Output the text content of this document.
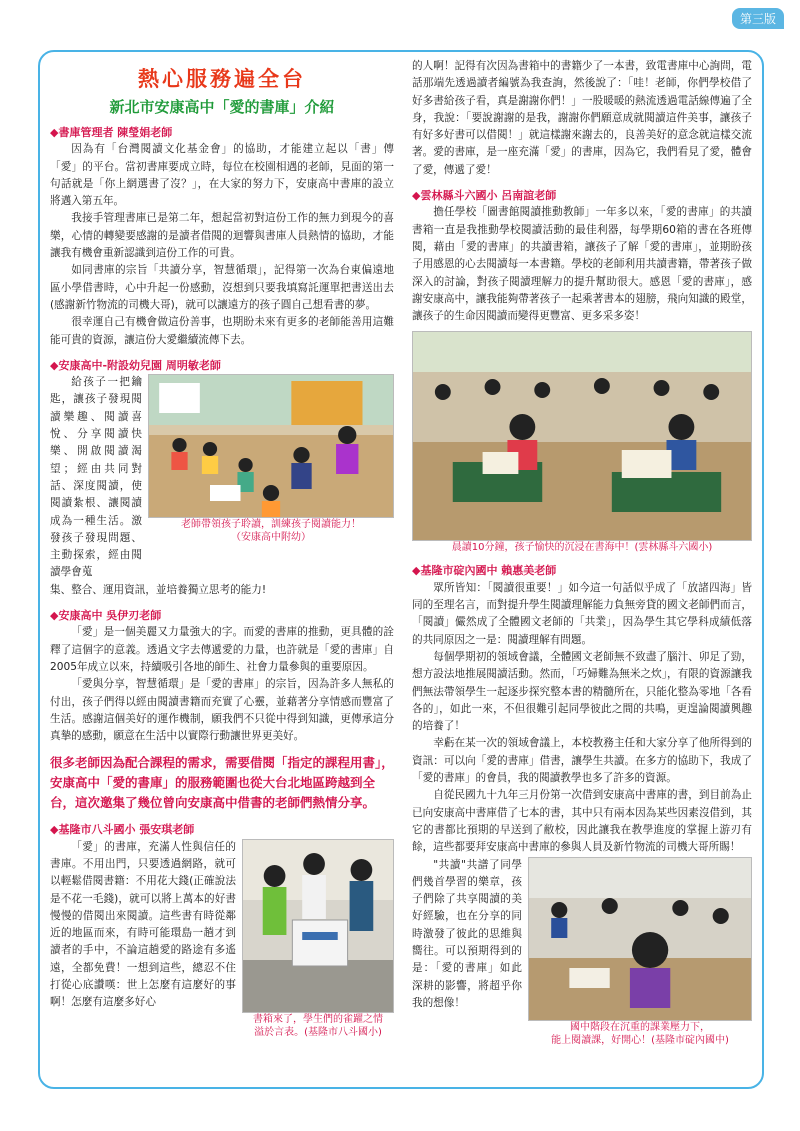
第三版
熱心服務遍全台
新北市安康高中「愛的書庫」介紹
◆書庫管理者 陳瑩娟老師

因為有「台灣閱讀文化基金會」的協助，才能建立起以「書」傳「愛」的平台。當初書庫要成立時，每位在校園相遇的老師，見面的第一句話就是「你上網選書了沒？」，在大家的努力下，安康高中書庫的設立將邁入第五年。

我接手管理書庫已是第二年，想起當初對這份工作的無力到現今的喜樂，心情的轉變要感謝的是讀者借閱的迴響與書庫人員熱情的協助，才能讓我有機會重新認識到這份工作的可貴。

如同書庫的宗旨「共讀分享，智慧循環」，記得第一次為台東偏遠地區小學借書時，心中升起一份感動，沒想到只要我填寫託運單把書送出去(感謝新竹物流的司機大哥)，就可以讓遠方的孩子圓自己想看書的夢。

很幸運自己有機會做這份善事，也期盼未來有更多的老師能善用這難能可貴的資源，讓這份大愛繼續流傳下去。

◆安康高中-附設幼兒園 周明敏老師

給孩子一把鑰匙，讓孩子發現閱讀樂趣、閱讀喜悅、分享閱讀快樂、開啟閱讀渴望；經由共同對話、深度閱讀，使閱讀紮根、讓閱讀成為一種生活。激發孩子發現問題、主動探索，經由閱讀學會蒐

老師帶領孩子聆讀，訓練孩子閱讀能力！
（安康高中附幼）

集、整合、運用資訊，並培養獨立思考的能力!

◆安康高中 吳伊刃老師

「愛」是一個美麗又力量強大的字。而愛的書庫的推動，更具體的詮釋了這個字的意義。透過文字去傳遞愛的力量，也許就是「愛的書庫」自2005年成立以來，持續吸引各地的師生、社會力量參與的重要原因。

「愛與分享，智慧循環」是「愛的書庫」的宗旨，因為許多人無私的付出，孩子們得以經由閱讀書籍而充實了心靈，並藉著分享情感而豐富了生活。感謝這個美好的運作機制，願我們不只從中得到知識，更傳承這分真摯的感動，願意在生活中以實際行動讓世界更美好。

很多老師因為配合課程的需求，需要借閱「指定的課程用書」，安康高中「愛的書庫」的服務範圍也從大台北地區跨越到全台，這次邀集了幾位曾向安康高中借書的老師們熱情分享。
◆基隆市八斗國小 張安琪老師

「愛」的書庫，充滿人性與信任的書庫。不用出門，只要透過網路，就可以輕鬆借閱書籍：不用花大錢(正確說法是不花一毛錢)，就可以將上萬本的好書慢慢的借閱出來閱讀。這些書有時從鄰近的地區而來，有時可能環島一趟才到讀者的手中，不論這趟愛的路途有多遙遠，全都免費！一想到這些，總忍不住打從心底讚嘆：世上怎麼有這麼好的事啊！怎麼有這麼多好心

書箱來了，學生們的雀躍之情
溢於言表。(基隆市八斗國小)

的人啊！記得有次因為書箱中的書籍少了一本書，致電書庫中心詢問，電話那端先透過讀者編號為我查詢，然後說了：「哇！老師，你們學校借了好多書給孩子看，真是謝謝你們！」一股暖暖的熱流透過電話線傳遍了全身，我說：「要說謝謝的是我，謝謝你們願意成就閱讀這件美事，讓孩子有好多好書可以借閱！」就這樣謝來謝去的，良善美好的意念就這樣交流著。愛的書庫，是一座充滿「愛」的書庫，因為它，我們看見了愛，體會了愛，傳遞了愛！

◆雲林縣斗六國小 呂南誼老師

擔任學校「圖書館閱讀推動教師」一年多以來，「愛的書庫」的共讀書箱一直是我推動學校閱讀活動的最佳利器，每學期60箱的書在各班傳閱，藉由「愛的書庫」的共讀書箱，讓孩子了解「愛的書庫」，並期盼孩子用感恩的心去閱讀每一本書籍。學校的老師利用共讀書籍，帶著孩子做深入的討論，對孩子閱讀理解力的提升幫助很大。感恩「愛的書庫」，感謝安康高中，讓我能夠帶著孩子一起乘著書本的翅膀，飛向知識的殿堂，讓孩子的生命因閱讀而變得更豐富、更多采多姿！

晨讀10分鐘，孩子愉快的沉浸在書海中！(雲林縣斗六國小)
◆基隆市碇內國中 賴惠美老師

眾所皆知：「閱讀很重要！」如今這一句話似乎成了「放諸四海」皆同的至理名言，而對提升學生閱讀理解能力負無旁貸的國文老師們而言，「閱讀」儼然成了全體國文老師的「共業」，因為學生其它學科成績低落的共同原因之一是：閱讀理解有問題。

每個學期初的領域會議，全體國文老師無不致盡了腦汁、卯足了勁，想方設法地推展閱讀活動。然而，「巧婦難為無米之炊」，有限的資源讓我們無法帶領學生一起逐步探究整本書的精髓所在，只能化整為零地「各看各的」，如此一來，不但很難引起同學彼此之間的共鳴，更遑論閱讀興趣的培養了！

幸虧在某一次的領域會議上，本校教務主任和大家分享了他所得到的資訊：可以向「愛的書庫」借書，讓學生共讀。在多方的協助下，我成了「愛的書庫」的會員，我的閱讀教學也多了許多的資源。

自從民國九十九年三月份第一次借到安康高中書庫的書，到目前為止已向安康高中書庫借了七本的書，其中只有兩本因為某些因素沒借到，其它的書都比預期的早送到了敝校，因此讓我在教學進度的掌握上游刃有餘，這些都要拜安康高中書庫的參與人員及新竹物流的司機大哥所賜！

"共讀"共譜了同學們幾首學習的樂章，孩子們除了共享閱讀的美好經驗，也在分享的同時激發了彼此的思維與嚮往。可以預期得到的是：「愛的書庫」如此深耕的影響，將超乎你我的想像！

國中階段在沉重的課業壓力下，
能上閱讀課，好開心！(基隆市碇內國中)
